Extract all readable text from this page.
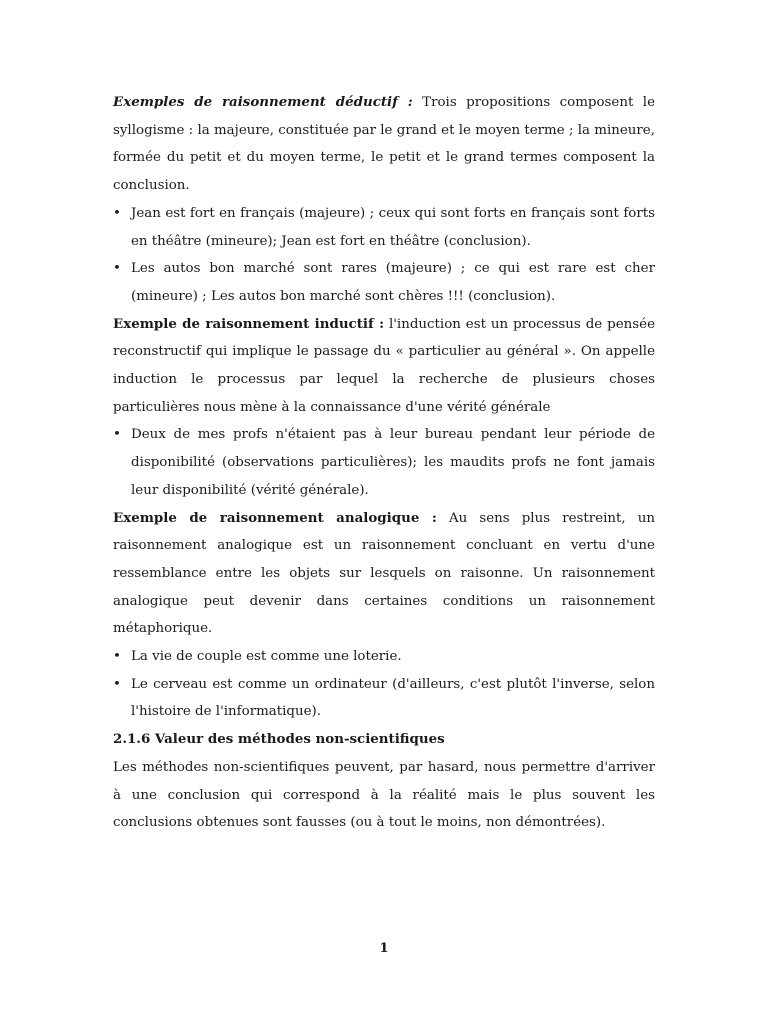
Exemples de raisonnement déductif : Trois propositions composent le syllogisme : la majeure, constituée par le grand et le moyen terme ; la mineure, formée du petit et du moyen terme, le petit et le grand termes composent la conclusion.

• Jean est fort en français (majeure) ; ceux qui sont forts en français sont forts en théâtre (mineure); Jean est fort en théâtre (conclusion).
• Les autos bon marché sont rares (majeure) ; ce qui est rare est cher (mineure) ; Les autos bon marché sont chères !!! (conclusion).

Exemple de raisonnement inductif : l'induction est un processus de pensée reconstructif qui implique le passage du « particulier au général ». On appelle induction le processus par lequel la recherche de plusieurs choses particulières nous mène à la connaissance d'une vérité générale

• Deux de mes profs n'étaient pas à leur bureau pendant leur période de disponibilité (observations particulières); les maudits profs ne font jamais leur disponibilité (vérité générale).

Exemple de raisonnement analogique : Au sens plus restreint, un raisonnement analogique est un raisonnement concluant en vertu d'une ressemblance entre les objets sur lesquels on raisonne. Un raisonnement analogique peut devenir dans certaines conditions un raisonnement métaphorique.

• La vie de couple est comme une loterie.
• Le cerveau est comme un ordinateur (d'ailleurs, c'est plutôt l'inverse, selon l'histoire de l'informatique).

2.1.6 Valeur des méthodes non-scientifiques

Les méthodes non-scientifiques peuvent, par hasard, nous permettre d'arriver à une conclusion qui correspond à la réalité mais le plus souvent les conclusions obtenues sont fausses (ou à tout le moins, non démontrées).

1
